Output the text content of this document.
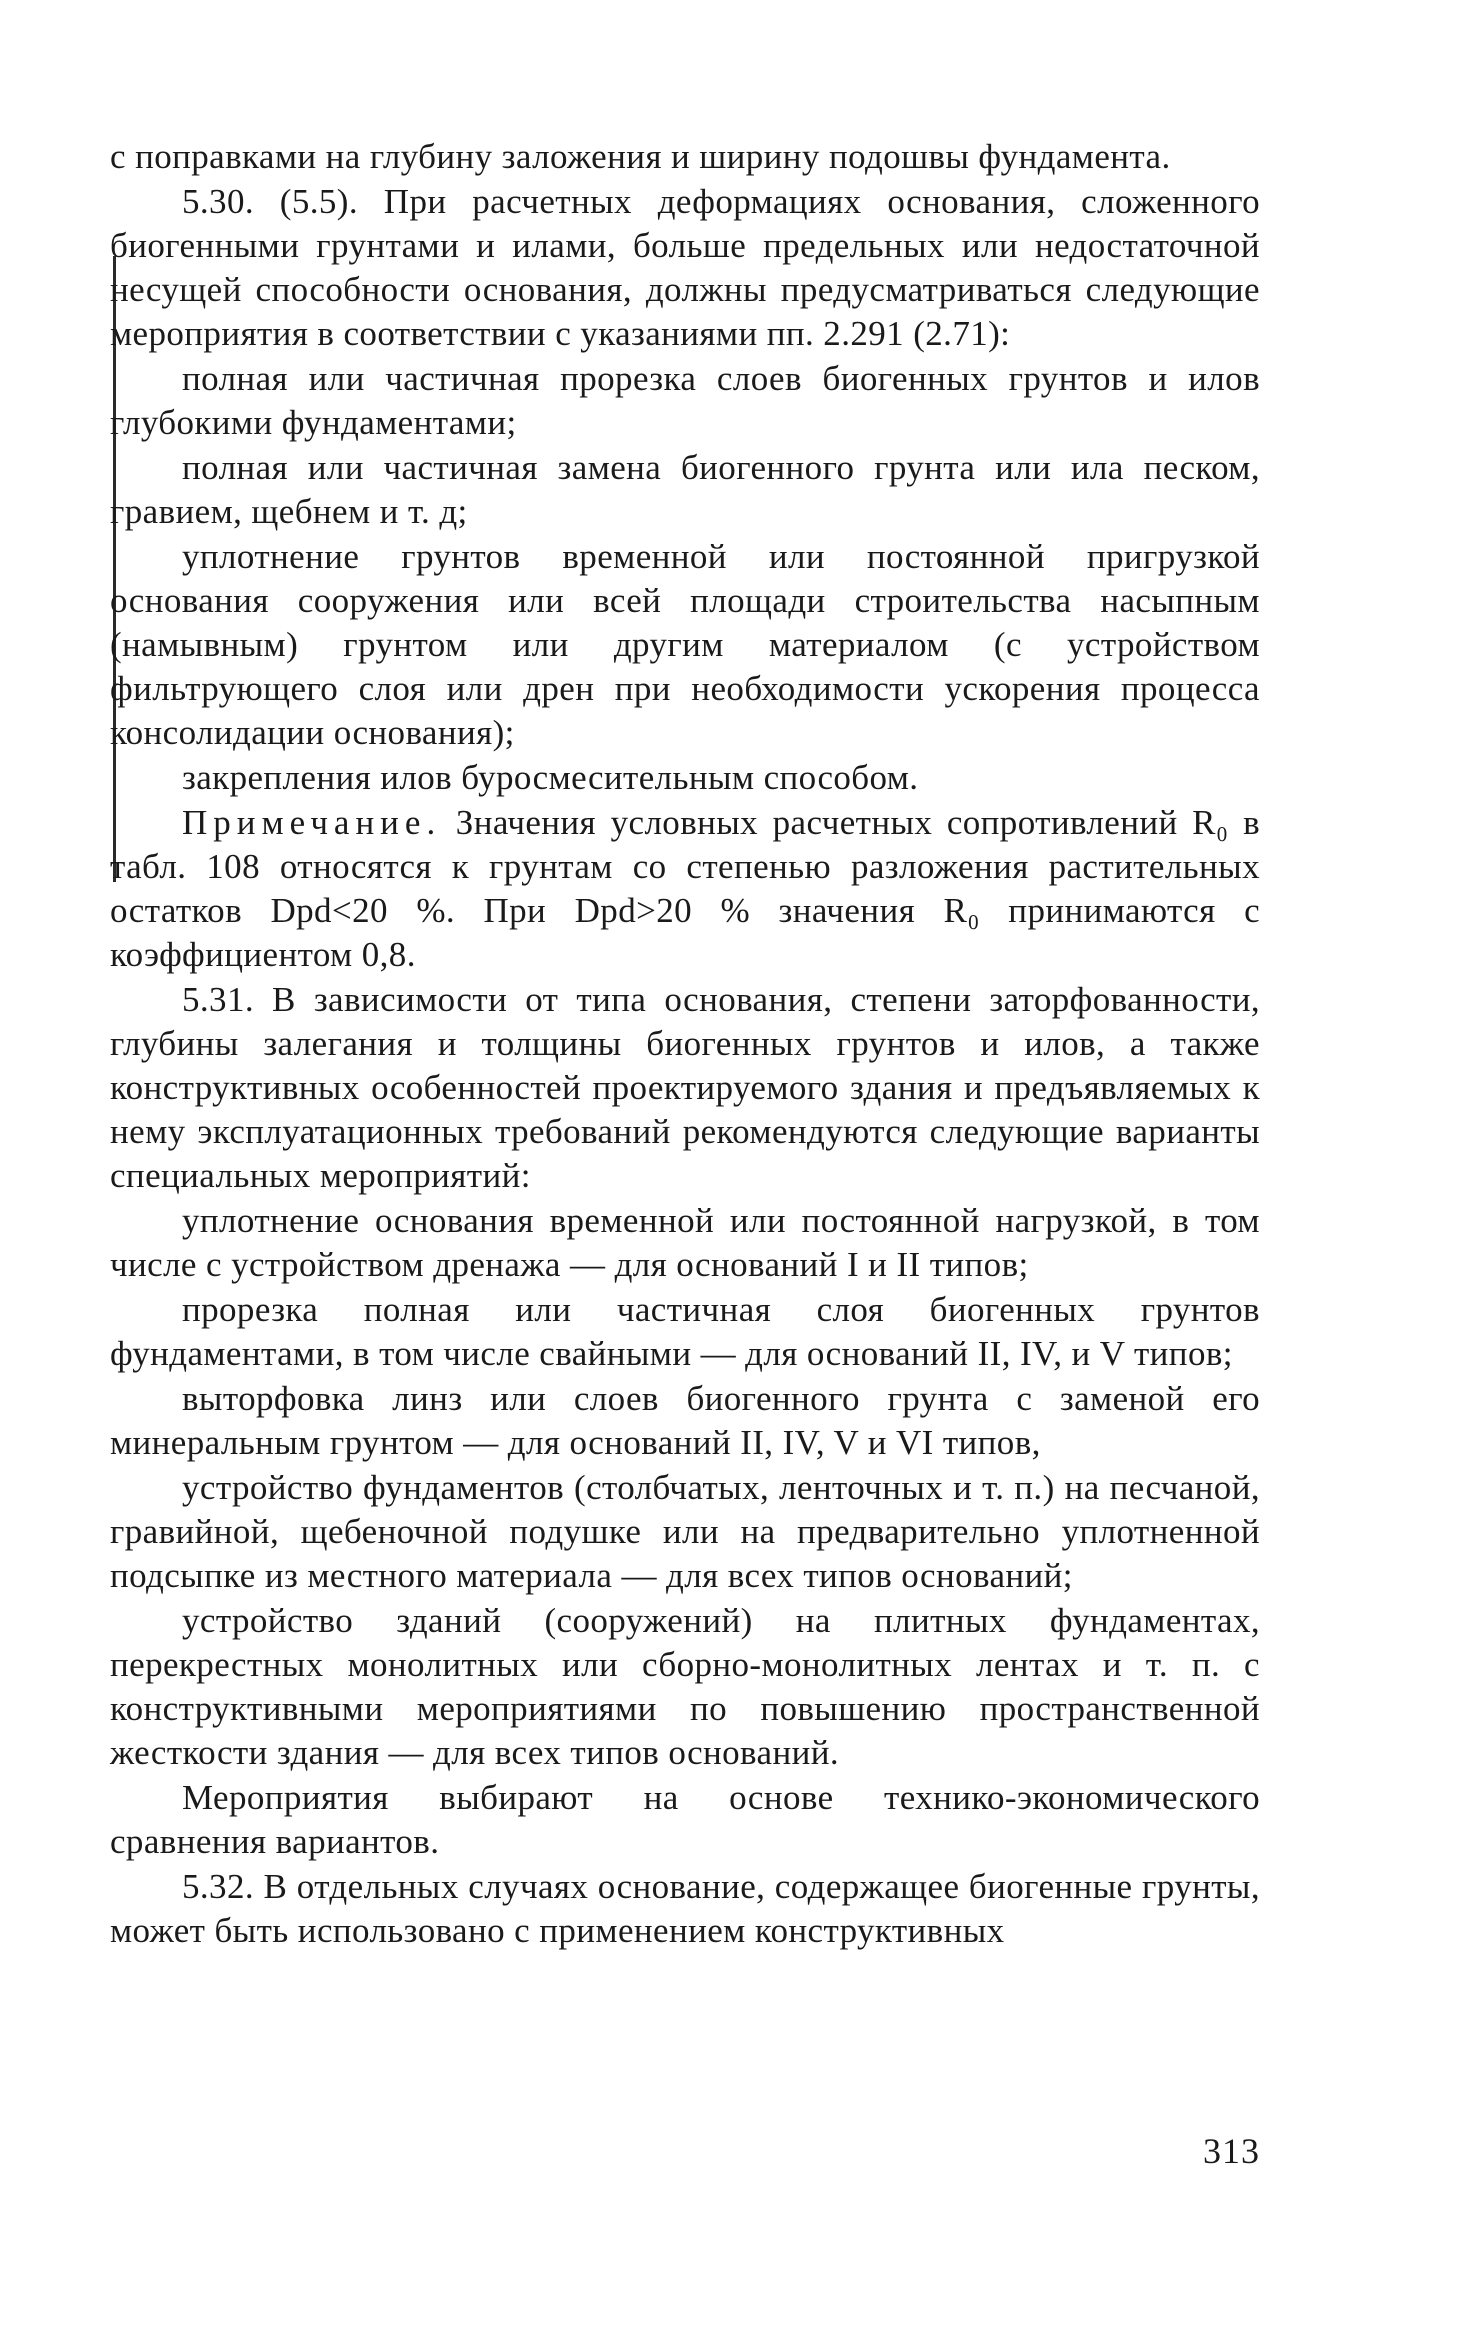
с поправками на глубину заложения и ширину подошвы фундамента.

5.30. (5.5). При расчетных деформациях основания, сложенного биогенными грунтами и илами, больше предельных или недостаточной несущей способности основания, должны предусматриваться следующие мероприятия в соответствии с указаниями пп. 2.291 (2.71):

полная или частичная прорезка слоев биогенных грунтов и илов глубокими фундаментами;

полная или частичная замена биогенного грунта или ила песком, гравием, щебнем и т. д;

уплотнение грунтов временной или постоянной пригрузкой основания сооружения или всей площади строительства насыпным (намывным) грунтом или другим материалом (с устройством фильтрующего слоя или дрен при необходимости ускорения процесса консолидации основания);

закрепления илов буросмесительным способом.

Примечание. Значения условных расчетных сопротивлений R₀ в табл. 108 относятся к грунтам со степенью разложения растительных остатков Dpd<20 %. При Dpd>20 % значения R₀ принимаются с коэффициентом 0,8.

5.31. В зависимости от типа основания, степени заторфованности, глубины залегания и толщины биогенных грунтов и илов, а также конструктивных особенностей проектируемого здания и предъявляемых к нему эксплуатационных требований рекомендуются следующие варианты специальных мероприятий:

уплотнение основания временной или постоянной нагрузкой, в том числе с устройством дренажа — для оснований I и II типов;

прорезка полная или частичная слоя биогенных грунтов фундаментами, в том числе свайными — для оснований II, IV, и V типов;

выторфовка линз или слоев биогенного грунта с заменой его минеральным грунтом — для оснований II, IV, V и VI типов,

устройство фундаментов (столбчатых, ленточных и т. п.) на песчаной, гравийной, щебеночной подушке или на предварительно уплотненной подсыпке из местного материала — для всех типов оснований;

устройство зданий (сооружений) на плитных фундаментах, перекрестных монолитных или сборно-монолитных лентах и т. п. с конструктивными мероприятиями по повышению пространственной жесткости здания — для всех типов оснований.

Мероприятия выбирают на основе технико-экономического сравнения вариантов.

5.32. В отдельных случаях основание, содержащее биогенные грунты, может быть использовано с применением конструктивных

313
